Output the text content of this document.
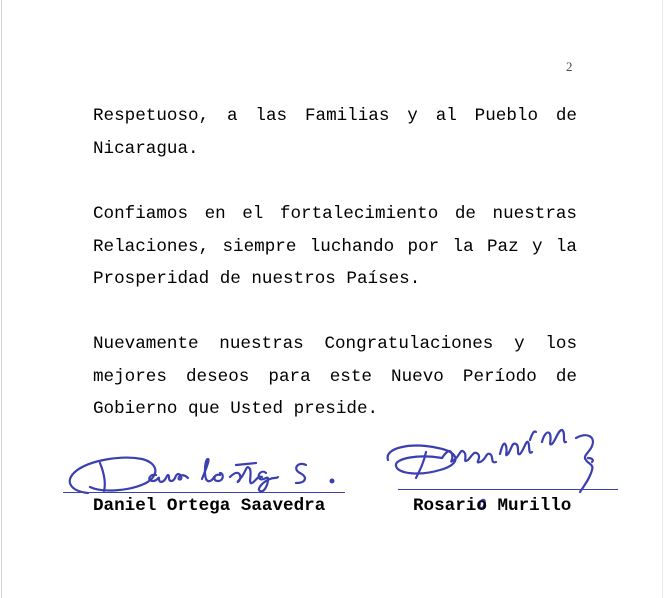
2

Respetuoso, a las Familias y al Pueblo de Nicaragua.

Confiamos en el fortalecimiento de nuestras Relaciones, siempre luchando por la Paz y la Prosperidad de nuestros Países.

Nuevamente nuestras Congratulaciones y los mejores deseos para este Nuevo Período de Gobierno que Usted preside.

Daniel Ortega Saavedra	Rosario Murillo
